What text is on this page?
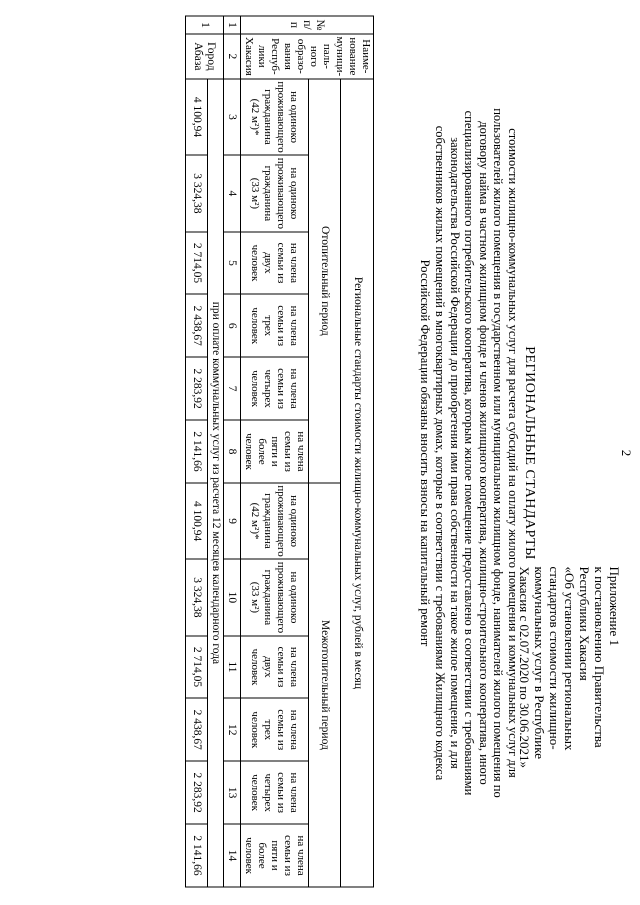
2
Приложение 1
к постановлению Правительства
Республики Хакасия
«Об установлении региональных
стандартов стоимости жилищно-
коммунальных услуг в Республике
Хакасия с 02.07.2020 по 30.06.2021»
РЕГИОНАЛЬНЫЕ СТАНДАРТЫ
стоимости жилищно-коммунальных услуг для расчета субсидий на оплату жилого помещения и коммунальных услуг для
пользователей жилого помещения в государственном или муниципальном жилищном фонде, нанимателей жилого помещения по
договору найма в частном жилищном фонде и членов жилищного кооператива, жилищно-строительного кооператива, иного
специализированного потребительского кооператива, которым жилое помещение предоставлено в соответствии с требованиями
законодательства Российской Федерации до приобретения ими права собственности на такое жилое помещение, и для
собственников жилых помещений в многоквартирных домах, которые в соответствии с требованиями Жилищного кодекса
Российской Федерации обязаны вносить взносы на капитальный ремонт
№ п/п	Наиме-нование муници-паль-ного образо-вания Респуб-лики Хакасия	Региональные стандарты стоимости жилищно-коммунальных услуг, рублей в месяц											
		Отопительный период						Межотопительный период					
		на одиноко проживающего гражданина (42 м²)*	на одиноко проживающего гражданина (33 м²)	на члена семьи из двух человек	на члена семьи из трех человек	на члена семьи из четырех человек	на члена семьи из пяти и более человек	на одиноко проживающего гражданина (42 м²)*	на одиноко проживающего гражданина (33 м²)	на члена семьи из двух человек	на члена семьи из трех человек	на члена семьи из четырех человек	на члена семьи из пяти и более человек
1	2	3	4	5	6	7	8	9	10	11	12	13	14
1	Город Абаза	при оплате коммунальных услуг из расчета 12 месяцев календарного года											
		4 100,94	3 324,38	2 714,05	2 438,67	2 283,92	2 141,66	4 100,94	3 324,38	2 714,05	2 438,67	2 283,92	2 141,66
